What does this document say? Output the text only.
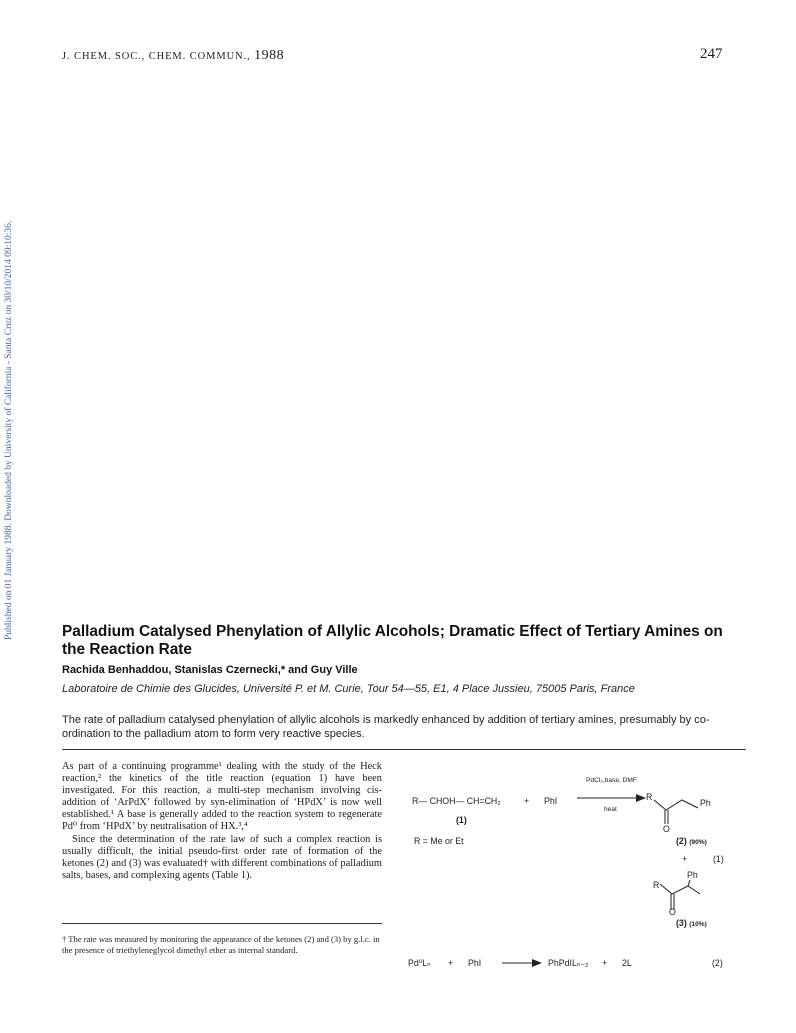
J. CHEM. SOC., CHEM. COMMUN., 1988	247
Published on 01 January 1988. Downloaded by University of California - Santa Cruz on 30/10/2014 09:10:36.	Palladium Catalysed Phenylation of Allylic Alcohols; Dramatic Effect of Tertiary Amines on the Reaction Rate
Rachida Benhaddou, Stanislas Czernecki,* and Guy Ville
Laboratoire de Chimie des Glucides, Université P. et M. Curie, Tour 54—55, E1, 4 Place Jussieu, 75005 Paris, France
The rate of palladium catalysed phenylation of allylic alcohols is markedly enhanced by addition of tertiary amines, presumably by co-ordination to the palladium atom to form very reactive species.

As part of a continuing programme¹ dealing with the study of the Heck reaction,² the kinetics of the title reaction (equation 1) have been investigated. For this reaction, a multi-step mechanism involving cis-addition of ‘ArPdX’ followed by syn-elimination of ‘HPdX’ is now well established.¹ A base is generally added to the reaction system to regenerate Pd⁰ from ‘HPdX’ by neutralisation of HX.³,⁴

Since the determination of the rate law of such a complex reaction is usually difficult, the initial pseudo-first order rate of formation of the ketones (2) and (3) was evaluated† with different combinations of palladium salts, bases, and complexing agents (Table 1).

† The rate was measured by monitoring the appearance of the ketones (2) and (3) by g.l.c. in the presence of triethyleneglycol dimethyl ether as internal standard.
R— CHOH— CH=CH₂	+ PhI
PdCl₂,base, DMF
heat
(1)
R = Me or Et
R
Ph
O
(2) (90%)
+	(1)
Ph
R
O
(3) (10%)
Pd⁰Lₙ + PhI	PhPdILₙ₋₂ + 2L	(2)
